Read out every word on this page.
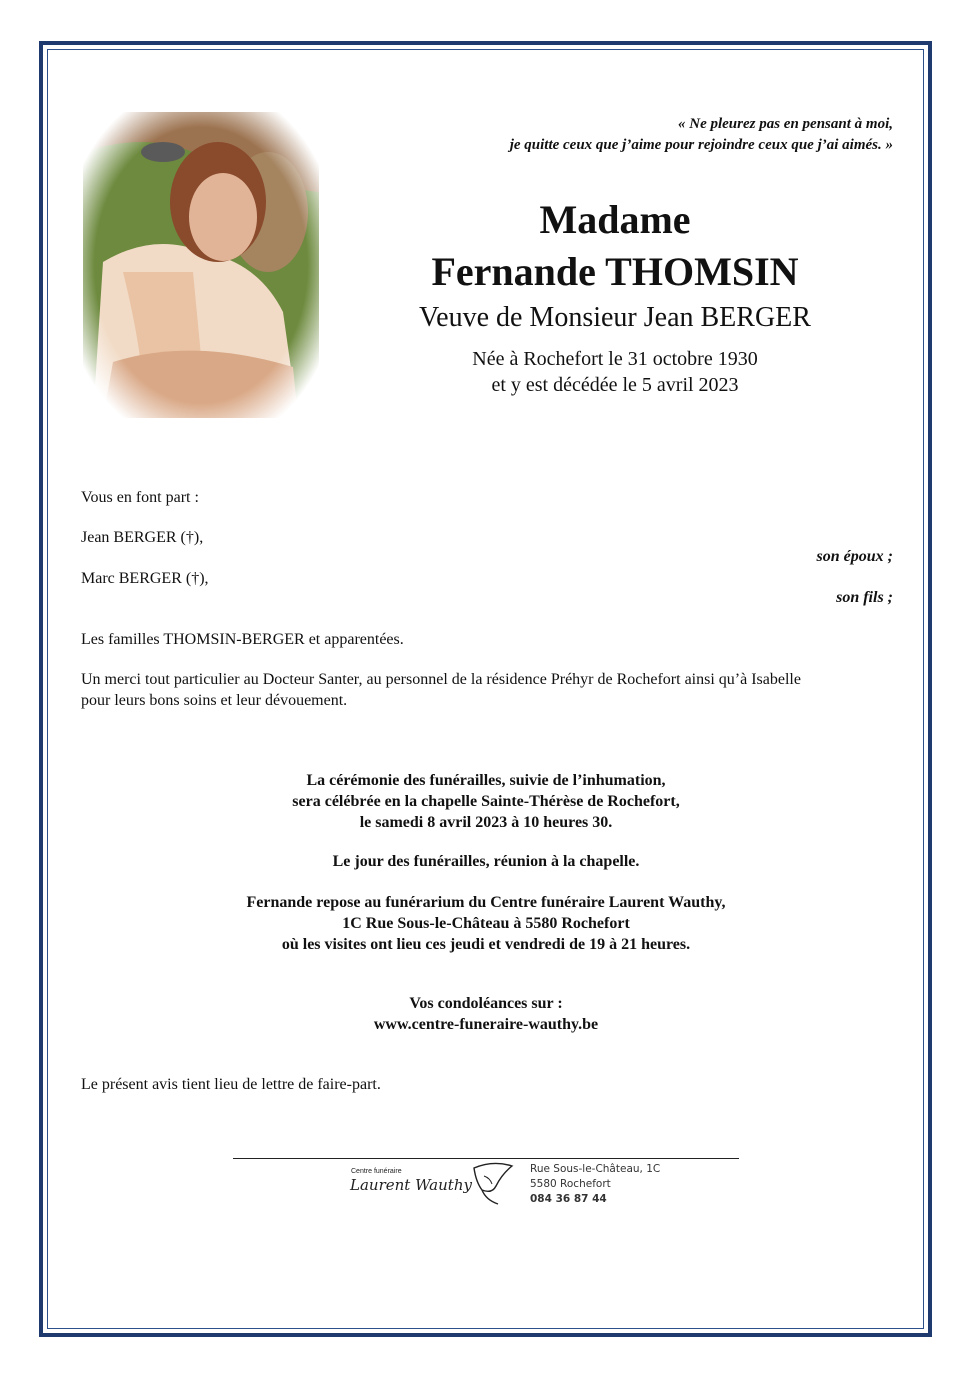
« Ne pleurez pas en pensant à moi,
je quitte ceux que j’aime pour rejoindre ceux que j’ai aimés. »
Madame
Fernande THOMSIN
Veuve de Monsieur Jean BERGER
Née à Rochefort le 31 octobre 1930
et y est décédée le 5 avril 2023
Vous en font part :
Jean BERGER (†),
son époux ;
Marc BERGER (†),
son fils ;
Les familles THOMSIN-BERGER et apparentées.
Un merci tout particulier au Docteur Santer, au personnel de la résidence Préhyr de Rochefort ainsi qu’à Isabelle
pour leurs bons soins et leur dévouement.
La cérémonie des funérailles, suivie de l’inhumation,
sera célébrée en la chapelle Sainte-Thérèse de Rochefort,
le samedi 8 avril 2023 à 10 heures 30.
Le jour des funérailles, réunion à la chapelle.
Fernande repose au funérarium du Centre funéraire Laurent Wauthy,
1C Rue Sous-le-Château à 5580 Rochefort
où les visites ont lieu ces jeudi et vendredi de 19 à 21 heures.
Vos condoléances sur :
www.centre-funeraire-wauthy.be
Le présent avis tient lieu de lettre de faire-part.
Centre funéraire
Laurent Wauthy
Rue Sous-le-Château, 1C
5580 Rochefort
084 36 87 44
